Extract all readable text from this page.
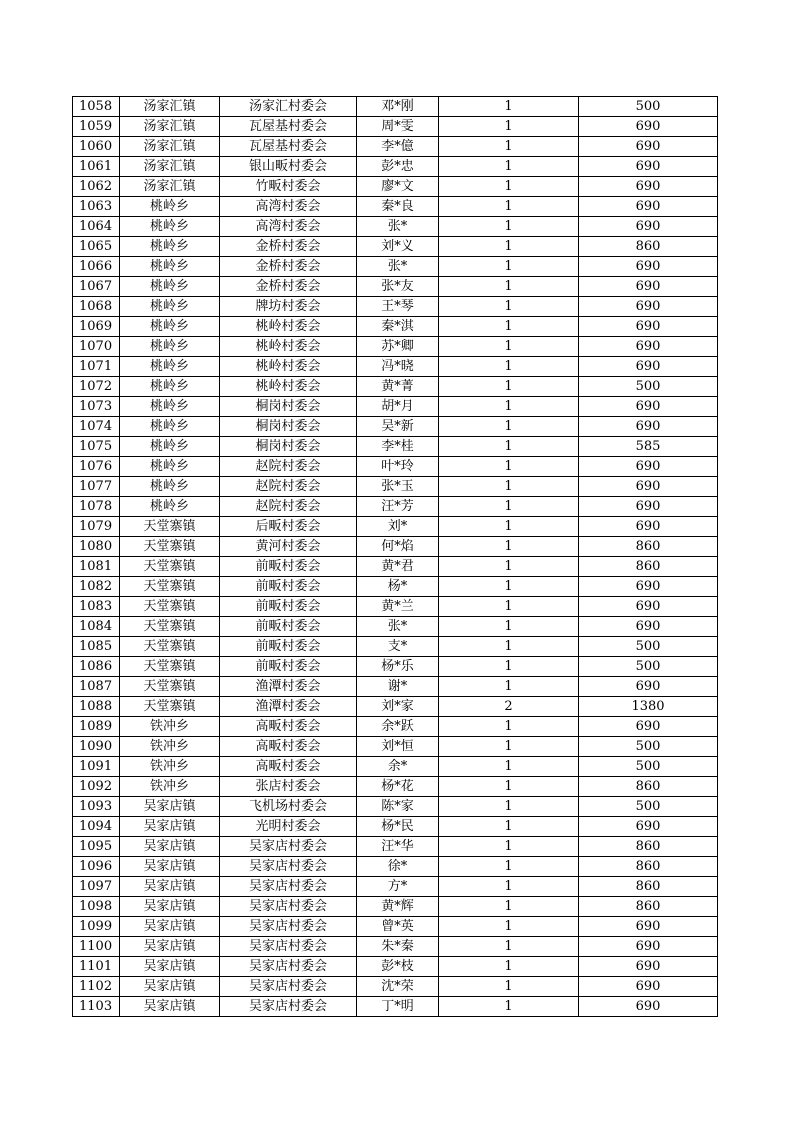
1058	汤家汇镇	汤家汇村委会	邓*刚	1	500
1059	汤家汇镇	瓦屋基村委会	周*雯	1	690
1060	汤家汇镇	瓦屋基村委会	李*億	1	690
1061	汤家汇镇	银山畈村委会	彭*忠	1	690
1062	汤家汇镇	竹畈村委会	廖*文	1	690
1063	桃岭乡	高湾村委会	秦*良	1	690
1064	桃岭乡	高湾村委会	张*	1	690
1065	桃岭乡	金桥村委会	刘*义	1	860
1066	桃岭乡	金桥村委会	张*	1	690
1067	桃岭乡	金桥村委会	张*友	1	690
1068	桃岭乡	牌坊村委会	王*琴	1	690
1069	桃岭乡	桃岭村委会	秦*淇	1	690
1070	桃岭乡	桃岭村委会	苏*卿	1	690
1071	桃岭乡	桃岭村委会	冯*晓	1	690
1072	桃岭乡	桃岭村委会	黄*菁	1	500
1073	桃岭乡	桐岗村委会	胡*月	1	690
1074	桃岭乡	桐岗村委会	吴*新	1	690
1075	桃岭乡	桐岗村委会	李*桂	1	585
1076	桃岭乡	赵院村委会	叶*玲	1	690
1077	桃岭乡	赵院村委会	张*玉	1	690
1078	桃岭乡	赵院村委会	汪*芳	1	690
1079	天堂寨镇	后畈村委会	刘*	1	690
1080	天堂寨镇	黄河村委会	何*焰	1	860
1081	天堂寨镇	前畈村委会	黄*君	1	860
1082	天堂寨镇	前畈村委会	杨*	1	690
1083	天堂寨镇	前畈村委会	黄*兰	1	690
1084	天堂寨镇	前畈村委会	张*	1	690
1085	天堂寨镇	前畈村委会	支*	1	500
1086	天堂寨镇	前畈村委会	杨*乐	1	500
1087	天堂寨镇	渔潭村委会	谢*	1	690
1088	天堂寨镇	渔潭村委会	刘*家	2	1380
1089	铁冲乡	高畈村委会	余*跃	1	690
1090	铁冲乡	高畈村委会	刘*恒	1	500
1091	铁冲乡	高畈村委会	余*	1	500
1092	铁冲乡	张店村委会	杨*花	1	860
1093	吴家店镇	飞机场村委会	陈*家	1	500
1094	吴家店镇	光明村委会	杨*民	1	690
1095	吴家店镇	吴家店村委会	汪*华	1	860
1096	吴家店镇	吴家店村委会	徐*	1	860
1097	吴家店镇	吴家店村委会	方*	1	860
1098	吴家店镇	吴家店村委会	黄*辉	1	860
1099	吴家店镇	吴家店村委会	曾*英	1	690
1100	吴家店镇	吴家店村委会	朱*秦	1	690
1101	吴家店镇	吴家店村委会	彭*枝	1	690
1102	吴家店镇	吴家店村委会	沈*荣	1	690
1103	吴家店镇	吴家店村委会	丁*明	1	690
